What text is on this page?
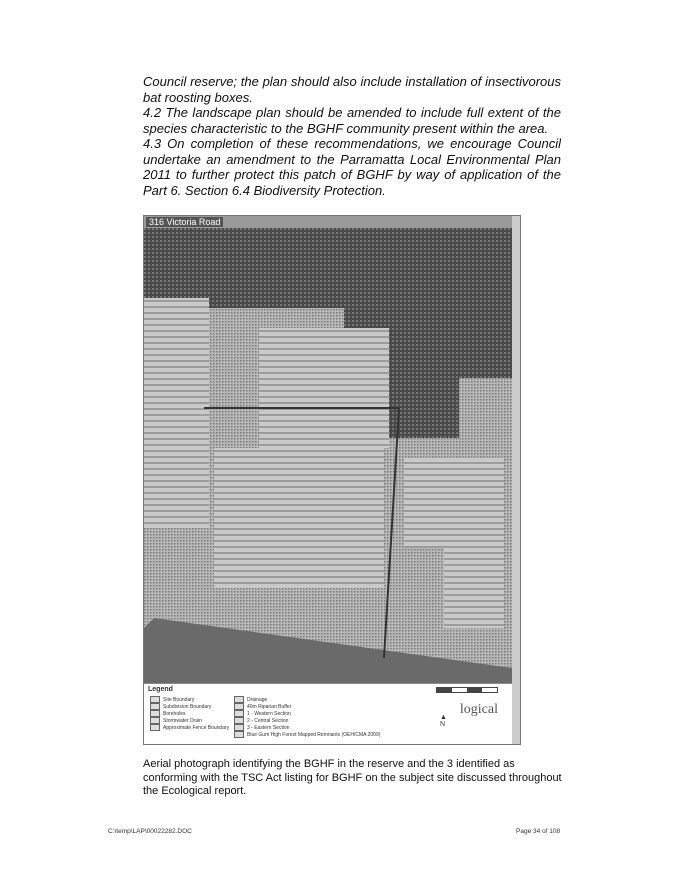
Council reserve; the plan should also include installation of insectivorous bat roosting boxes.

4.2 The landscape plan should be amended to include full extent of the species characteristic to the BGHF community present within the area.

4.3 On completion of these recommendations, we encourage Council undertake an amendment to the Parramatta Local Environmental Plan 2011 to further protect this patch of BGHF by way of application of the Part 6. Section 6.4 Biodiversity Protection.

316 Victoria Road
Legend
Site Boundary
Subdivision Boundary
Boreholes
Stormwater Drain
Approximate Fence Boundary
Drainage
40m Riparian Buffer
1 - Western Section
2 - Central Section
3 - Eastern Section
Blue Gum High Forest Mapped Remnants (OEH/CMA 2009)
▲
N
logical
Aerial photograph identifying the BGHF in the reserve and the 3 identified as conforming with the TSC Act listing for BGHF on the subject site discussed throughout the Ecological report.
C:\temp\LAP\00022282.DOC	Page 34 of 108
